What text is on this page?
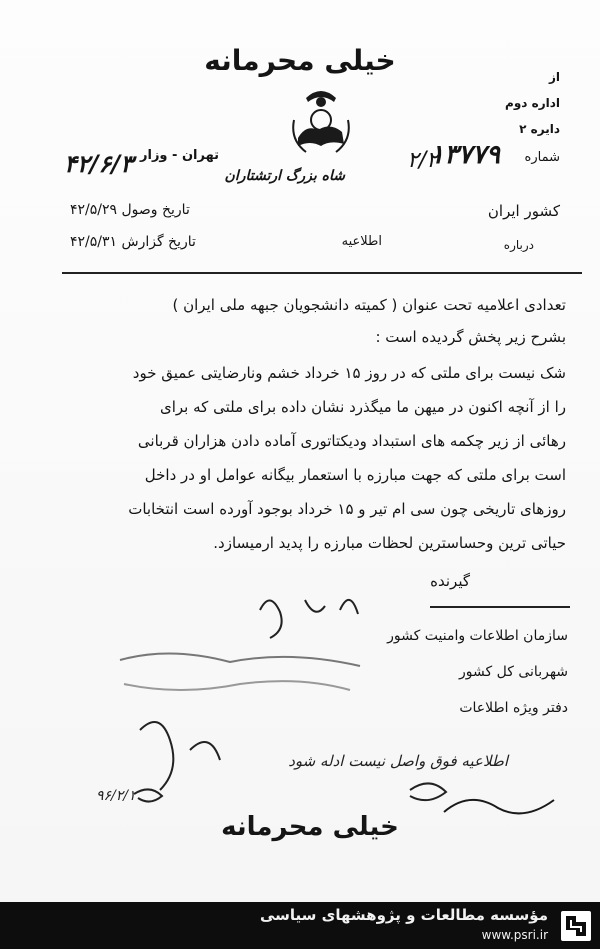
خیلی محرمانه	از
اداره دوم
دایره ۲
شماره
۱۳۷۷۹
۲/۲
شاه بزرگ ارتشتاران
تهران - وزار
۴۲/۶/۳
کشور ایران
تاریخ وصول ۴۲/۵/۲۹
تاریخ گزارش ۴۲/۵/۳۱	اطلاعیه	درباره
تعدادی اعلامیه تحت عنوان ( کمیته دانشجویان جبهه ملی ایران )
بشرح زیر پخش گردیده است :
شک نیست برای ملتی که در روز ۱۵ خرداد خشم ونارضایتی عمیق خود
را از آنچه اکنون در میهن ما میگذرد نشان داده برای ملتی که برای
رهائی از زیر چکمه های استبداد ودیکتاتوری آماده دادن هزاران قربانی
است برای ملتی که جهت مبارزه با استعمار بیگانه عوامل او در داخل
روزهای تاریخی چون سی ام تیر و ۱۵ خرداد بوجود آورده است انتخابات
حیاتی ترین وحساسترین لحظات مبارزه را پدید ارمیسازد.
گیرنده
سازمان اطلاعات وامنیت کشور
شهربانی کل کشور
دفتر ویژه اطلاعات
اطلاعیه فوق واصل نیست ادله شود
۹۶/۲/۱
خیلی محرمانه
مؤسسه مطالعات و پژوهشهای سیاسی
www.psri.ir
